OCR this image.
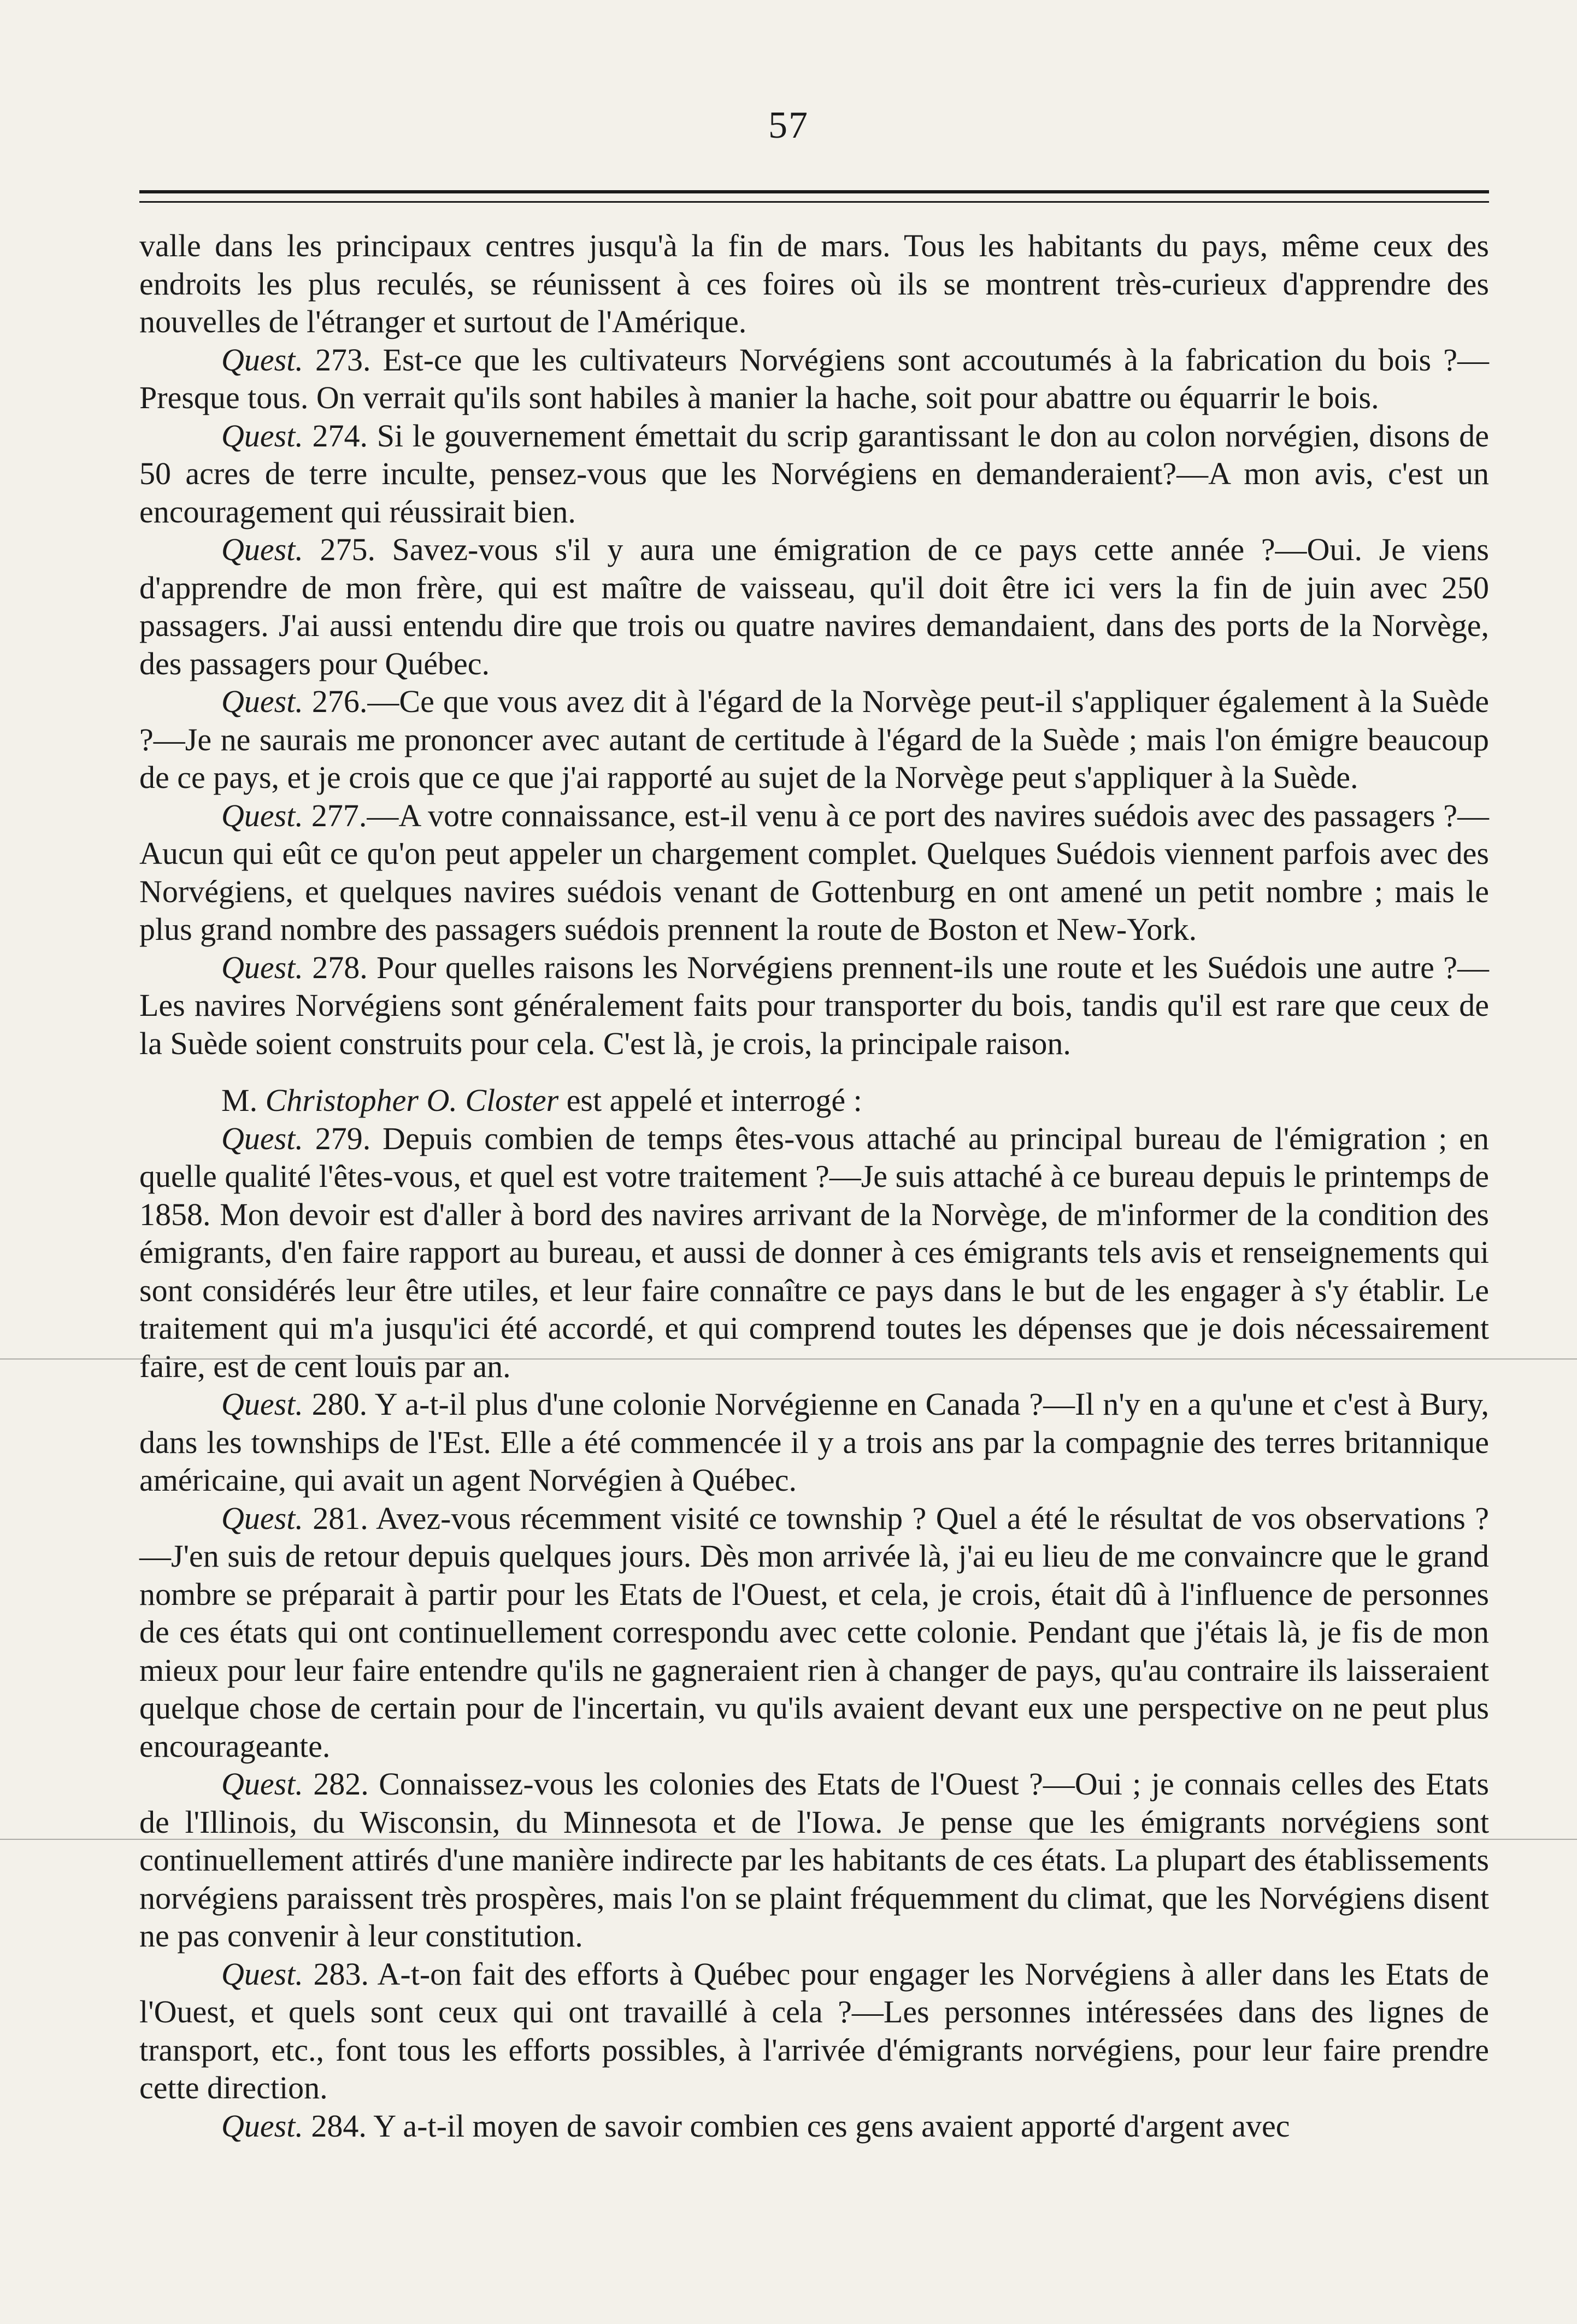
57

valle dans les principaux centres jusqu'à la fin de mars. Tous les habitants du pays, même ceux des endroits les plus reculés, se réunissent à ces foires où ils se montrent très-curieux d'apprendre des nouvelles de l'étranger et surtout de l'Amérique.

Quest. 273. Est-ce que les cultivateurs Norvégiens sont accoutumés à la fabrication du bois ?—Presque tous. On verrait qu'ils sont habiles à manier la hache, soit pour abattre ou équarrir le bois.

Quest. 274. Si le gouvernement émettait du scrip garantissant le don au colon norvégien, disons de 50 acres de terre inculte, pensez-vous que les Norvégiens en demanderaient?—A mon avis, c'est un encouragement qui réussirait bien.

Quest. 275. Savez-vous s'il y aura une émigration de ce pays cette année ?—Oui. Je viens d'apprendre de mon frère, qui est maître de vaisseau, qu'il doit être ici vers la fin de juin avec 250 passagers. J'ai aussi entendu dire que trois ou quatre navires demandaient, dans des ports de la Norvège, des passagers pour Québec.

Quest. 276.—Ce que vous avez dit à l'égard de la Norvège peut-il s'appliquer également à la Suède ?—Je ne saurais me prononcer avec autant de certitude à l'égard de la Suède ; mais l'on émigre beaucoup de ce pays, et je crois que ce que j'ai rapporté au sujet de la Norvège peut s'appliquer à la Suède.

Quest. 277.—A votre connaissance, est-il venu à ce port des navires suédois avec des passagers ?—Aucun qui eût ce qu'on peut appeler un chargement complet. Quelques Suédois viennent parfois avec des Norvégiens, et quelques navires suédois venant de Gottenburg en ont amené un petit nombre ; mais le plus grand nombre des passagers suédois prennent la route de Boston et New-York.

Quest. 278. Pour quelles raisons les Norvégiens prennent-ils une route et les Suédois une autre ?—Les navires Norvégiens sont généralement faits pour transporter du bois, tandis qu'il est rare que ceux de la Suède soient construits pour cela. C'est là, je crois, la principale raison.

M. Christopher O. Closter est appelé et interrogé :

Quest. 279. Depuis combien de temps êtes-vous attaché au principal bureau de l'émigration ; en quelle qualité l'êtes-vous, et quel est votre traitement ?—Je suis attaché à ce bureau depuis le printemps de 1858. Mon devoir est d'aller à bord des navires arrivant de la Norvège, de m'informer de la condition des émigrants, d'en faire rapport au bureau, et aussi de donner à ces émigrants tels avis et renseignements qui sont considérés leur être utiles, et leur faire connaître ce pays dans le but de les engager à s'y établir. Le traitement qui m'a jusqu'ici été accordé, et qui comprend toutes les dépenses que je dois nécessairement faire, est de cent louis par an.

Quest. 280. Y a-t-il plus d'une colonie Norvégienne en Canada ?—Il n'y en a qu'une et c'est à Bury, dans les townships de l'Est. Elle a été commencée il y a trois ans par la compagnie des terres britannique américaine, qui avait un agent Norvégien à Québec.

Quest. 281. Avez-vous récemment visité ce township ? Quel a été le résultat de vos observations ?—J'en suis de retour depuis quelques jours. Dès mon arrivée là, j'ai eu lieu de me convaincre que le grand nombre se préparait à partir pour les Etats de l'Ouest, et cela, je crois, était dû à l'influence de personnes de ces états qui ont continuellement correspondu avec cette colonie. Pendant que j'étais là, je fis de mon mieux pour leur faire entendre qu'ils ne gagneraient rien à changer de pays, qu'au contraire ils laisseraient quelque chose de certain pour de l'incertain, vu qu'ils avaient devant eux une perspective on ne peut plus encourageante.

Quest. 282. Connaissez-vous les colonies des Etats de l'Ouest ?—Oui ; je connais celles des Etats de l'Illinois, du Wisconsin, du Minnesota et de l'Iowa. Je pense que les émigrants norvégiens sont continuellement attirés d'une manière indirecte par les habitants de ces états. La plupart des établissements norvégiens paraissent très prospères, mais l'on se plaint fréquemment du climat, que les Norvégiens disent ne pas convenir à leur constitution.

Quest. 283. A-t-on fait des efforts à Québec pour engager les Norvégiens à aller dans les Etats de l'Ouest, et quels sont ceux qui ont travaillé à cela ?—Les personnes intéressées dans des lignes de transport, etc., font tous les efforts possibles, à l'arrivée d'émigrants norvégiens, pour leur faire prendre cette direction.

Quest. 284. Y a-t-il moyen de savoir combien ces gens avaient apporté d'argent avec
